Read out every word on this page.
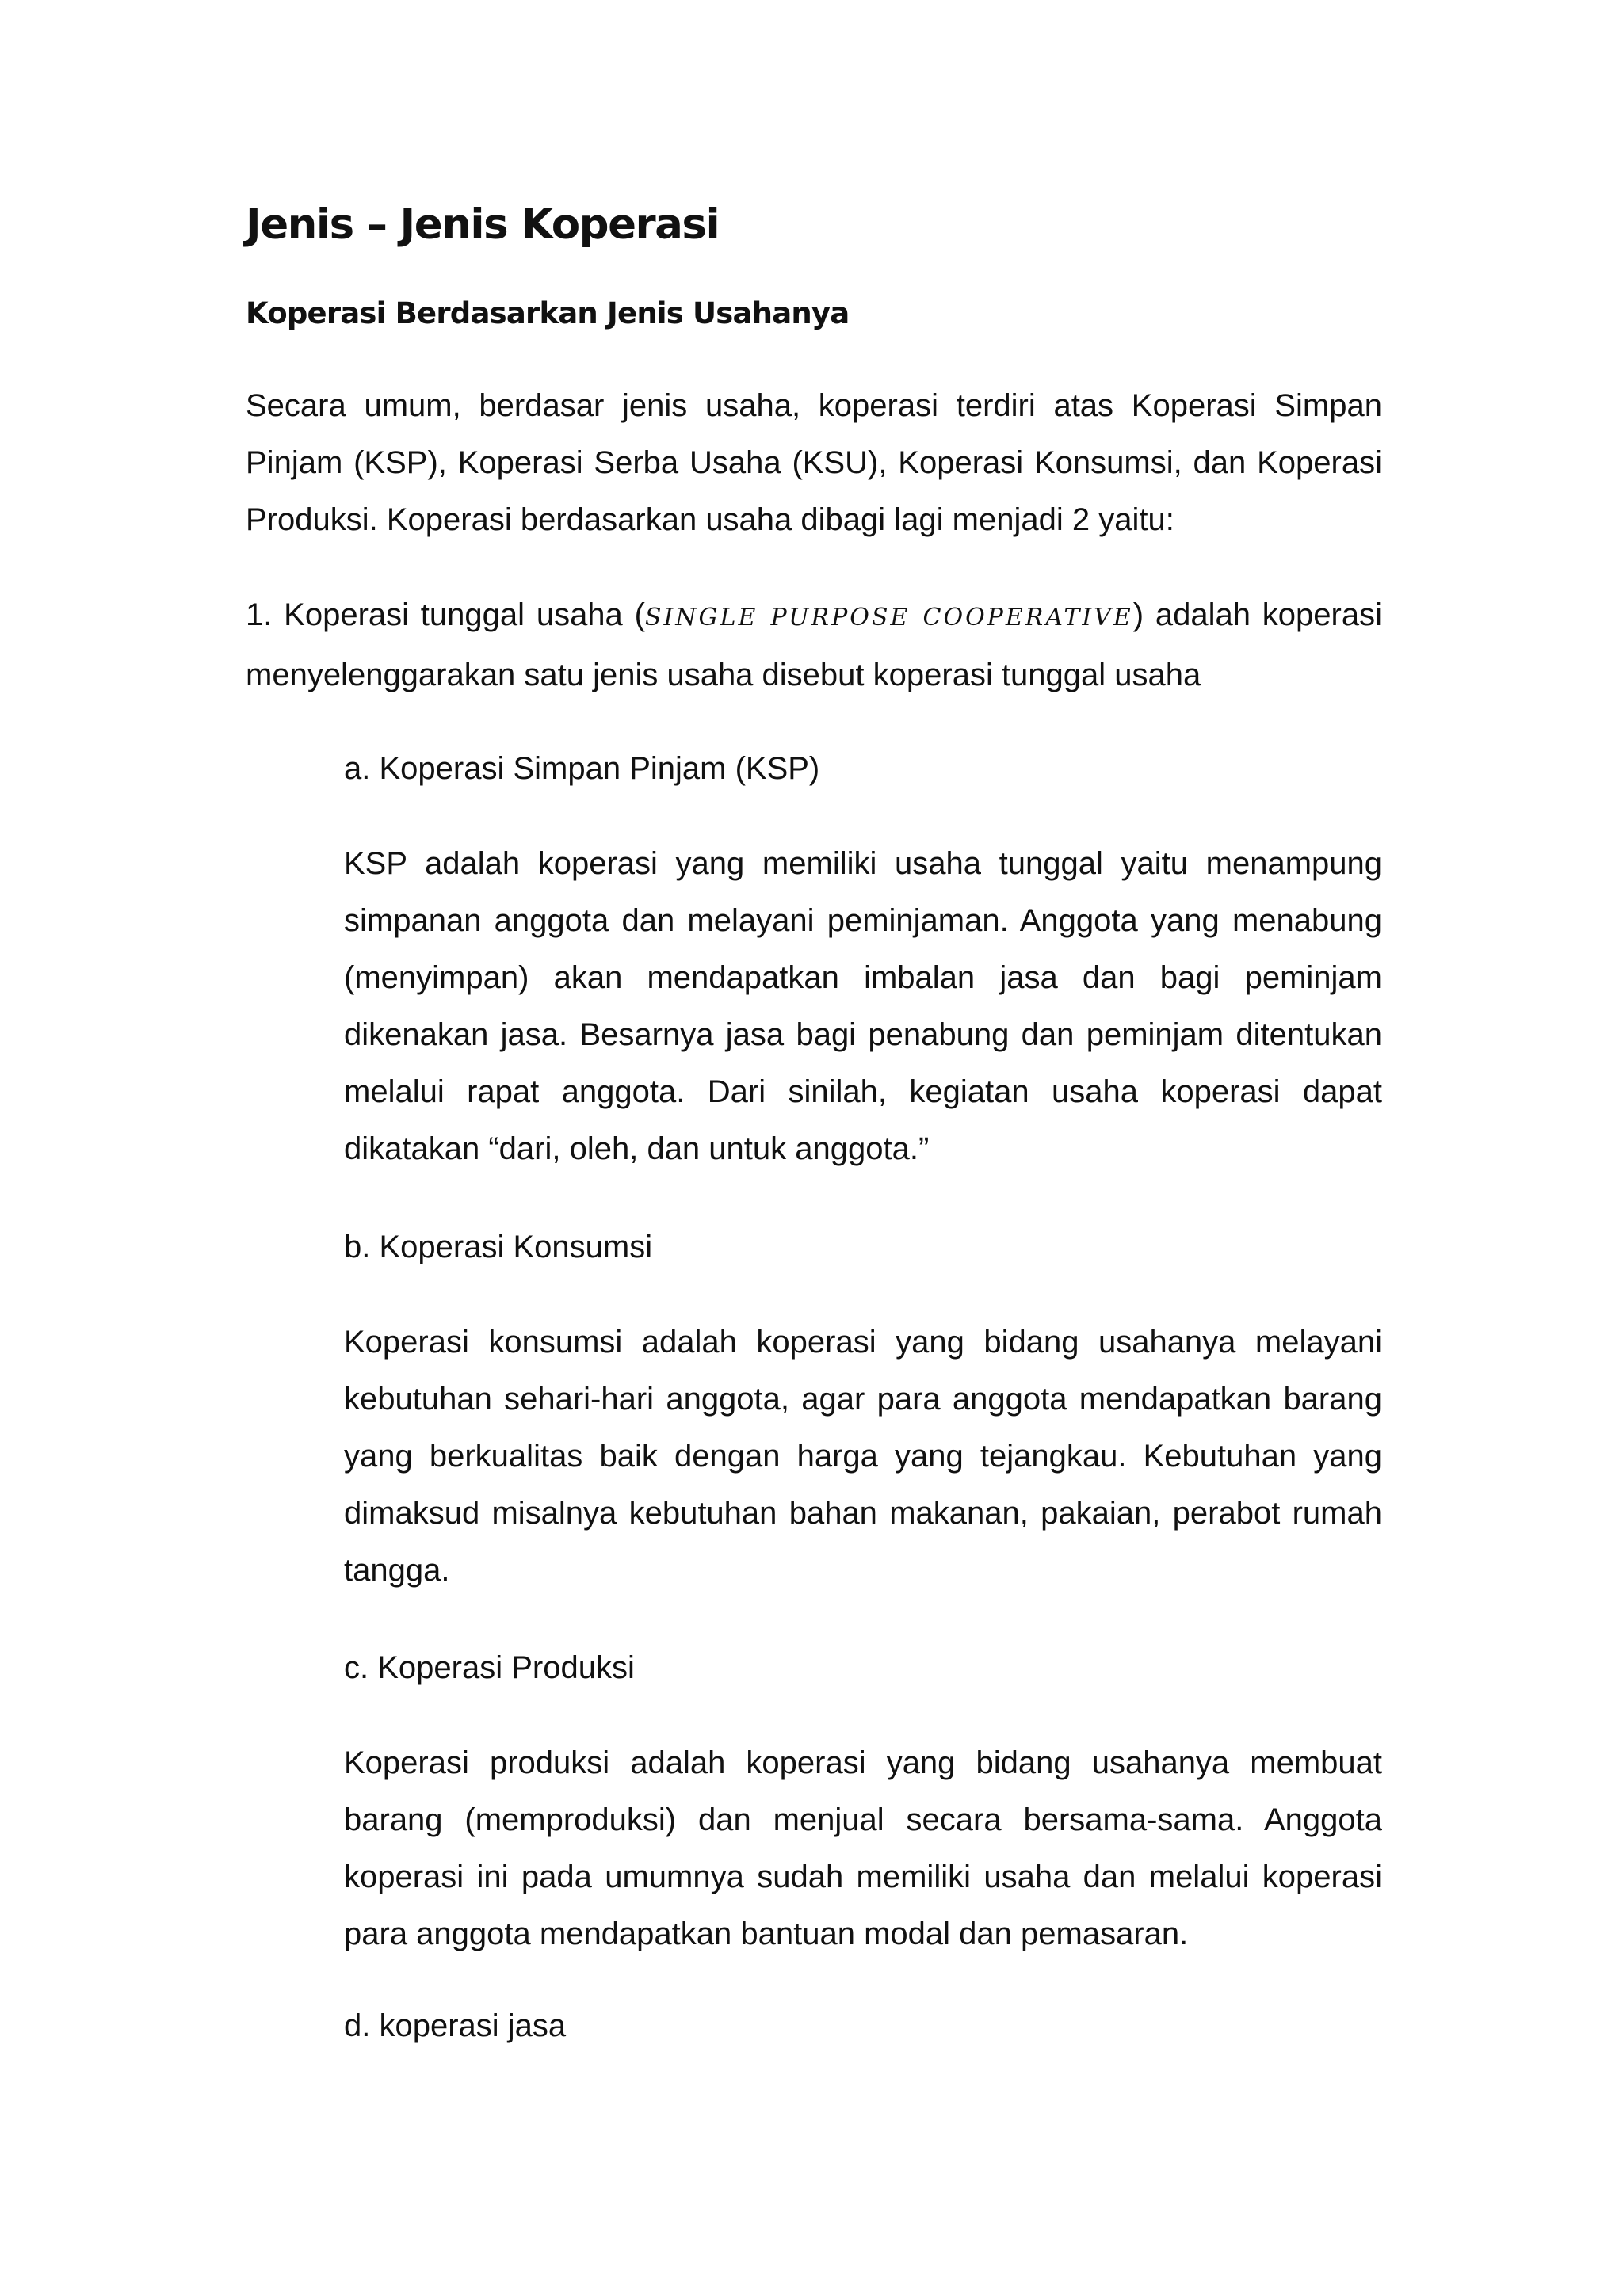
Jenis – Jenis Koperasi
Koperasi Berdasarkan Jenis Usahanya

Secara umum, berdasar jenis usaha, koperasi terdiri atas Koperasi Simpan Pinjam (KSP), Koperasi Serba Usaha (KSU), Koperasi Konsumsi, dan Koperasi Produksi. Koperasi berdasarkan usaha dibagi lagi menjadi 2 yaitu:

1. Koperasi tunggal usaha (SINGLE PURPOSE COOPERATIVE) adalah koperasi menyelenggarakan satu jenis usaha disebut koperasi tunggal usaha

a. Koperasi Simpan Pinjam (KSP)

KSP adalah koperasi yang memiliki usaha tunggal yaitu menampung simpanan anggota dan melayani peminjaman. Anggota yang menabung (menyimpan) akan mendapatkan imbalan jasa dan bagi peminjam dikenakan jasa. Besarnya jasa bagi penabung dan peminjam ditentukan melalui rapat anggota. Dari sinilah, kegiatan usaha koperasi dapat dikatakan “dari, oleh, dan untuk anggota.”

b. Koperasi Konsumsi

Koperasi konsumsi adalah koperasi yang bidang usahanya melayani kebutuhan sehari-hari anggota, agar para anggota mendapatkan barang yang berkualitas baik dengan harga yang tejangkau. Kebutuhan yang dimaksud misalnya kebutuhan bahan makanan, pakaian, perabot rumah tangga.

c. Koperasi Produksi

Koperasi produksi adalah koperasi yang bidang usahanya membuat barang (memproduksi) dan menjual secara bersama-sama. Anggota koperasi ini pada umumnya sudah memiliki usaha dan melalui koperasi para anggota mendapatkan bantuan modal dan pemasaran.

d. koperasi jasa
